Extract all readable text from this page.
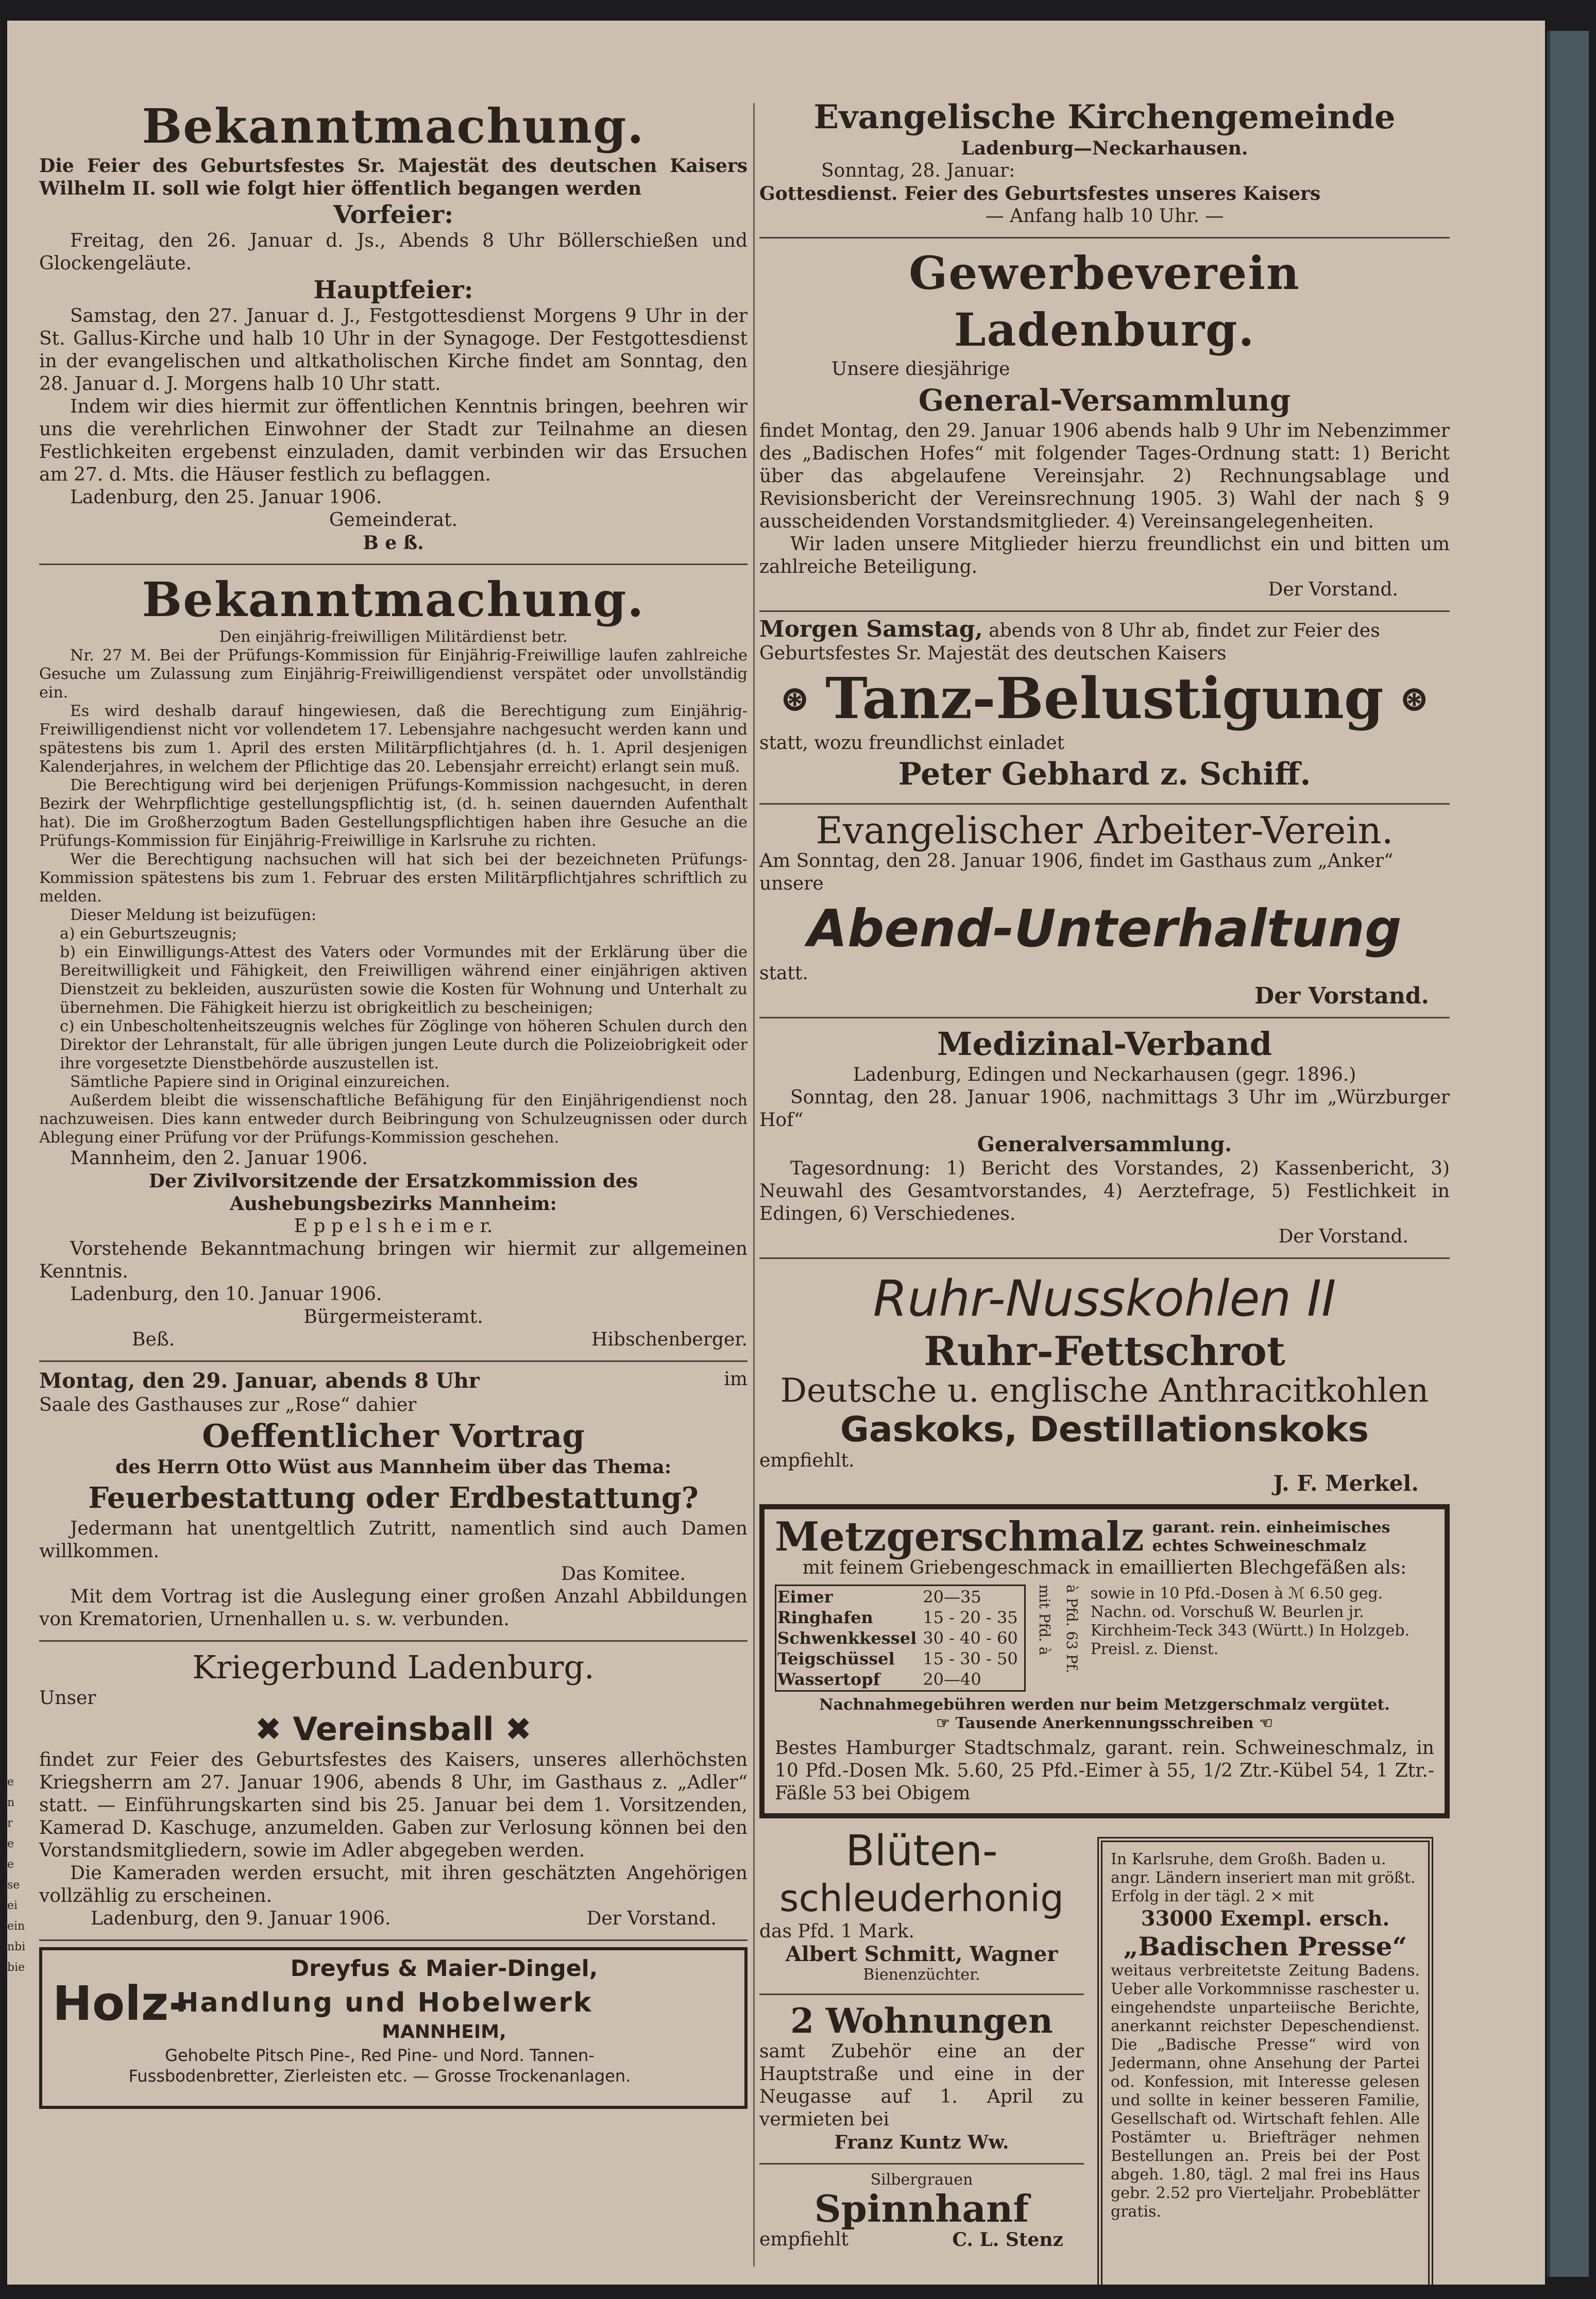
e
n
r
e
e
se
ei
ein
nbi
bie
Bekanntmachung.
Die Feier des Geburtsfestes Sr. Majestät des deutschen Kaisers Wilhelm II. soll wie folgt hier öffentlich begangen werden
Vorfeier:
Freitag, den 26. Januar d. Js., Abends 8 Uhr Böllerschießen und Glockengeläute.
Hauptfeier:
Samstag, den 27. Januar d. J., Festgottesdienst Morgens 9 Uhr in der St. Gallus-Kirche und halb 10 Uhr in der Synagoge. Der Festgottesdienst in der evangelischen und altkatholischen Kirche findet am Sonntag, den 28. Januar d. J. Morgens halb 10 Uhr statt.
Indem wir dies hiermit zur öffentlichen Kenntnis bringen, beehren wir uns die verehrlichen Einwohner der Stadt zur Teilnahme an diesen Festlichkeiten ergebenst einzuladen, damit verbinden wir das Ersuchen am 27. d. Mts. die Häuser festlich zu beflaggen.
Ladenburg, den 25. Januar 1906.
Gemeinderat.
B e ß.
Bekanntmachung.
Den einjährig-freiwilligen Militärdienst betr.
Nr. 27 M. Bei der Prüfungs-Kommission für Einjährig-Freiwillige laufen zahlreiche Gesuche um Zulassung zum Einjährig-Freiwilligendienst verspätet oder unvollständig ein.
Es wird deshalb darauf hingewiesen, daß die Berechtigung zum Einjährig-Freiwilligendienst nicht vor vollendetem 17. Lebensjahre nachgesucht werden kann und spätestens bis zum 1. April des ersten Militärpflichtjahres (d. h. 1. April desjenigen Kalenderjahres, in welchem der Pflichtige das 20. Lebensjahr erreicht) erlangt sein muß.
Die Berechtigung wird bei derjenigen Prüfungs-Kommission nachgesucht, in deren Bezirk der Wehrpflichtige gestellungspflichtig ist, (d. h. seinen dauernden Aufenthalt hat). Die im Großherzogtum Baden Gestellungspflichtigen haben ihre Gesuche an die Prüfungs-Kommission für Einjährig-Freiwillige in Karlsruhe zu richten.
Wer die Berechtigung nachsuchen will hat sich bei der bezeichneten Prüfungs-Kommission spätestens bis zum 1. Februar des ersten Militärpflichtjahres schriftlich zu melden.
Dieser Meldung ist beizufügen:
a) ein Geburtszeugnis;
b) ein Einwilligungs-Attest des Vaters oder Vormundes mit der Erklärung über die Bereitwilligkeit und Fähigkeit, den Freiwilligen während einer einjährigen aktiven Dienstzeit zu bekleiden, auszurüsten sowie die Kosten für Wohnung und Unterhalt zu übernehmen. Die Fähigkeit hierzu ist obrigkeitlich zu bescheinigen;
c) ein Unbescholtenheitszeugnis welches für Zöglinge von höheren Schulen durch den Direktor der Lehranstalt, für alle übrigen jungen Leute durch die Polizeiobrigkeit oder ihre vorgesetzte Dienstbehörde auszustellen ist.
Sämtliche Papiere sind in Original einzureichen.
Außerdem bleibt die wissenschaftliche Befähigung für den Einjährigendienst noch nachzuweisen. Dies kann entweder durch Beibringung von Schulzeugnissen oder durch Ablegung einer Prüfung vor der Prüfungs-Kommission geschehen.
Mannheim, den 2. Januar 1906.
Der Zivilvorsitzende der Ersatzkommission des
Aushebungsbezirks Mannheim:
E p p e l s h e i m e r.
Vorstehende Bekanntmachung bringen wir hiermit zur allgemeinen Kenntnis.
Ladenburg, den 10. Januar 1906.
Bürgermeisteramt.
Beß.	Hibschenberger.
Montag, den 29. Januar, abends 8 Uhr	im
Saale des Gasthauses zur „Rose“ dahier
Oeffentlicher Vortrag
des Herrn Otto Wüst aus Mannheim über das Thema:
Feuerbestattung oder Erdbestattung?
Jedermann hat unentgeltlich Zutritt, namentlich sind auch Damen willkommen.
Das Komitee.
Mit dem Vortrag ist die Auslegung einer großen Anzahl Abbildungen von Krematorien, Urnenhallen u. s. w. verbunden.
Kriegerbund Ladenburg.
Unser
✖ Vereinsball ✖
findet zur Feier des Geburtsfestes des Kaisers, unseres allerhöchsten Kriegsherrn am 27. Januar 1906, abends 8 Uhr, im Gasthaus z. „Adler“ statt. — Einführungskarten sind bis 25. Januar bei dem 1. Vorsitzenden, Kamerad D. Kaschuge, anzumelden. Gaben zur Verlosung können bei den Vorstandsmitgliedern, sowie im Adler abgegeben werden.
Die Kameraden werden ersucht, mit ihren geschätzten Angehörigen vollzählig zu erscheinen.
Ladenburg, den 9. Januar 1906.	Der Vorstand.
Holz-
Dreyfus & Maier-Dingel,
Handlung und Hobelwerk
MANNHEIM,
Gehobelte Pitsch Pine-, Red Pine- und Nord. Tannen-
Fussbodenbretter, Zierleisten etc. — Grosse Trockenanlagen.
Evangelische Kirchengemeinde
Ladenburg—Neckarhausen.
Sonntag, 28. Januar:
Gottesdienst. Feier des Geburtsfestes unseres Kaisers
— Anfang halb 10 Uhr. —
Gewerbeverein Ladenburg.
Unsere diesjährige
General-Versammlung
findet Montag, den 29. Januar 1906 abends halb 9 Uhr im Nebenzimmer des „Badischen Hofes“ mit folgender Tages-Ordnung statt: 1) Bericht über das abgelaufene Vereinsjahr. 2) Rechnungsablage und Revisionsbericht der Vereinsrechnung 1905. 3) Wahl der nach § 9 ausscheidenden Vorstandsmitglieder. 4) Vereinsangelegenheiten.
Wir laden unsere Mitglieder hierzu freundlichst ein und bitten um zahlreiche Beteiligung.
Der Vorstand.
Morgen Samstag, abends von 8 Uhr ab, findet zur Feier des Geburtsfestes Sr. Majestät des deutschen Kaisers
⊛ Tanz-Belustigung ⊛
statt, wozu freundlichst einladet
Peter Gebhard z. Schiff.
Evangelischer Arbeiter-Verein.
Am Sonntag, den 28. Januar 1906, findet im Gasthaus zum „Anker“ unsere
Abend-Unterhaltung
statt.
Der Vorstand.
Medizinal-Verband
Ladenburg, Edingen und Neckarhausen (gegr. 1896.)
Sonntag, den 28. Januar 1906, nachmittags 3 Uhr im „Würzburger Hof“
Generalversammlung.
Tagesordnung: 1) Bericht des Vorstandes, 2) Kassenbericht, 3) Neuwahl des Gesamtvorstandes, 4) Aerztefrage, 5) Festlichkeit in Edingen, 6) Verschiedenes.
Der Vorstand.
Ruhr-Nusskohlen II
Ruhr-Fettschrot
Deutsche u. englische Anthracitkohlen
Gaskoks, Destillationskoks
empfiehlt.
J. F. Merkel.
Metzgerschmalz garant. rein. einheimisches echtes Schweineschmalz
mit feinem Griebengeschmack in emaillierten Blechgefäßen als:
Eimer	20—35
Ringhafen	15 - 20 - 35
Schwenkkessel	30 - 40 - 60
Teigschüssel	15 - 30 - 50
Wassertopf	20—40
mit Pfd. à à Pfd. 63 Pf. sowie in 10 Pfd.-Dosen à ℳ 6.50 geg. Nachn. od. Vorschuß W. Beurlen jr. Kirchheim-Teck 343 (Württ.) In Holzgeb. Preisl. z. Dienst.
Nachnahmegebühren werden nur beim Metzgerschmalz vergütet.
☞ Tausende Anerkennungsschreiben ☜
Bestes Hamburger Stadtschmalz, garant. rein. Schweineschmalz, in 10 Pfd.-Dosen Mk. 5.60, 25 Pfd.-Eimer à 55, 1/2 Ztr.-Kübel 54, 1 Ztr.-Fäßle 53 bei Obigem
Blüten-
schleuderhonig
das Pfd. 1 Mark.
Albert Schmitt, Wagner
Bienenzüchter.
2 Wohnungen
samt Zubehör eine an der Hauptstraße und eine in der Neugasse auf 1. April zu vermieten bei
Franz Kuntz Ww.
Silbergrauen
Spinnhanf
empfiehlt	C. L. Stenz
In Karlsruhe, dem Großh. Baden u. angr. Ländern inseriert man mit größt. Erfolg in der tägl. 2 × mit
33000 Exempl. ersch.
„Badischen Presse“
weitaus verbreitetste Zeitung Badens. Ueber alle Vorkommnisse raschester u. eingehendste unparteiische Berichte, anerkannt reichster Depeschendienst. Die „Badische Presse“ wird von Jedermann, ohne Ansehung der Partei od. Konfession, mit Interesse gelesen und sollte in keiner besseren Familie, Gesellschaft od. Wirtschaft fehlen. Alle Postämter u. Briefträger nehmen Bestellungen an. Preis bei der Post abgeh. 1.80, tägl. 2 mal frei ins Haus gebr. 2.52 pro Vierteljahr. Probeblätter gratis.
